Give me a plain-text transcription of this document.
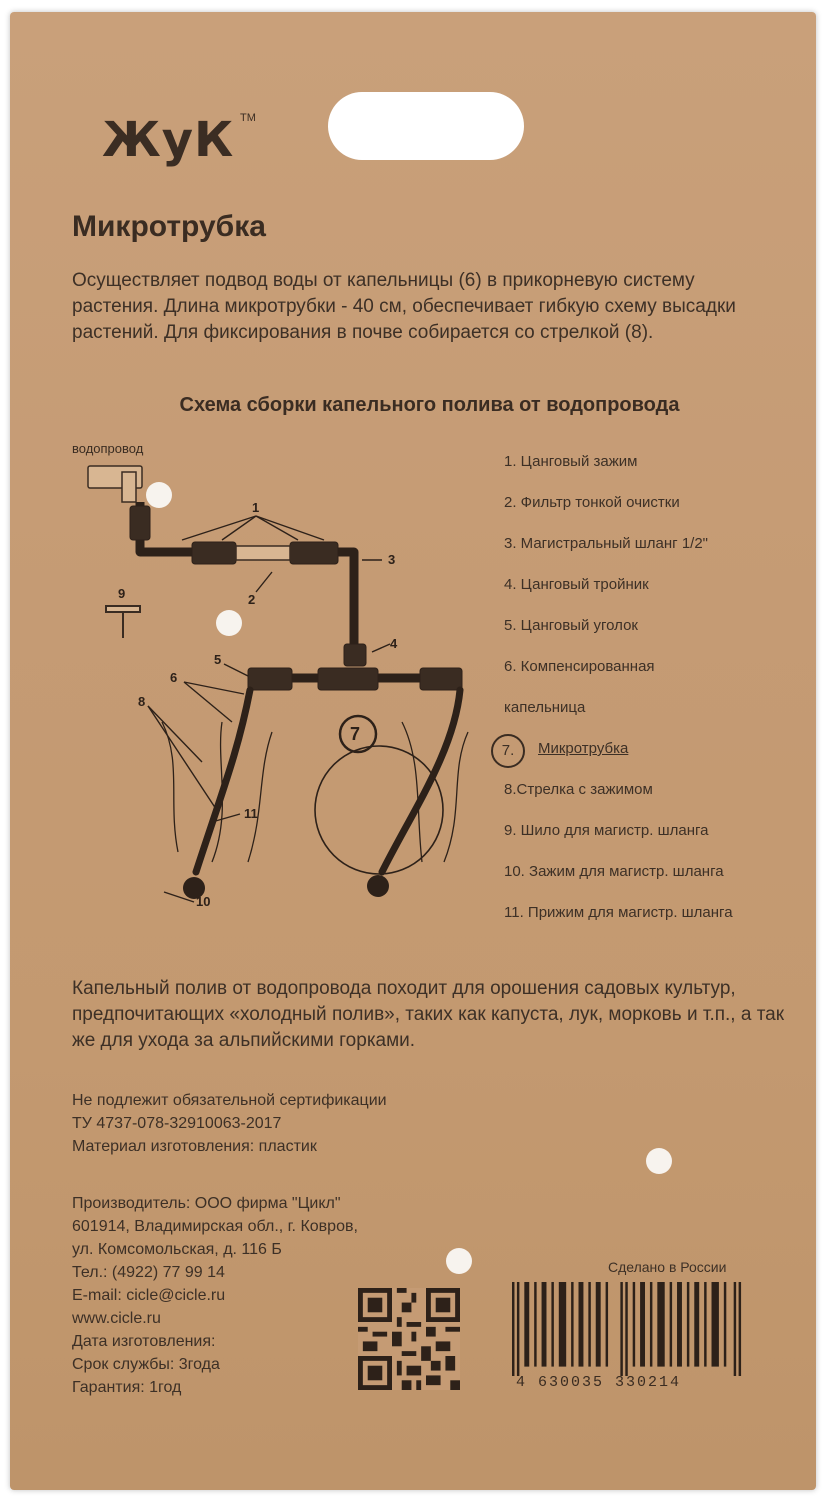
ЖуК TM
Микротрубка
Осуществляет подвод воды от капельницы (6) в прикорневую систему растения. Длина микротрубки - 40 см, обеспечивает гибкую схему высадки растений. Для фиксирования в почве собирается со стрелкой (8).
Схема сборки капельного полива от водопровода
водопровод
1
2
3
4
5
6
7
8
9
10
11
1. Цанговый зажим
2. Фильтр тонкой очистки
3. Магистральный шланг 1/2"
4. Цанговый тройник
5. Цанговый уголок
6. Компенсированная
капельница
7.	Микротрубка
8.Стрелка с зажимом
9. Шило для магистр. шланга
10. Зажим для магистр. шланга
11. Прижим для магистр. шланга
Капельный полив от водопровода походит для орошения садовых культур, предпочитающих «холодный полив», таких как капуста, лук, морковь и т.п., а так же для ухода за альпийскими горками.
Не подлежит обязательной сертификации
ТУ 4737-078-32910063-2017
Материал изготовления: пластик
Производитель: ООО фирма "Цикл"
601914, Владимирская обл., г. Ковров,
ул. Комсомольская, д. 116 Б
Тел.: (4922) 77 99 14
E-mail: cicle@cicle.ru
www.cicle.ru
Дата изготовления:
Срок службы: 3года
Гарантия: 1год
Сделано в России
4 630035 330214
